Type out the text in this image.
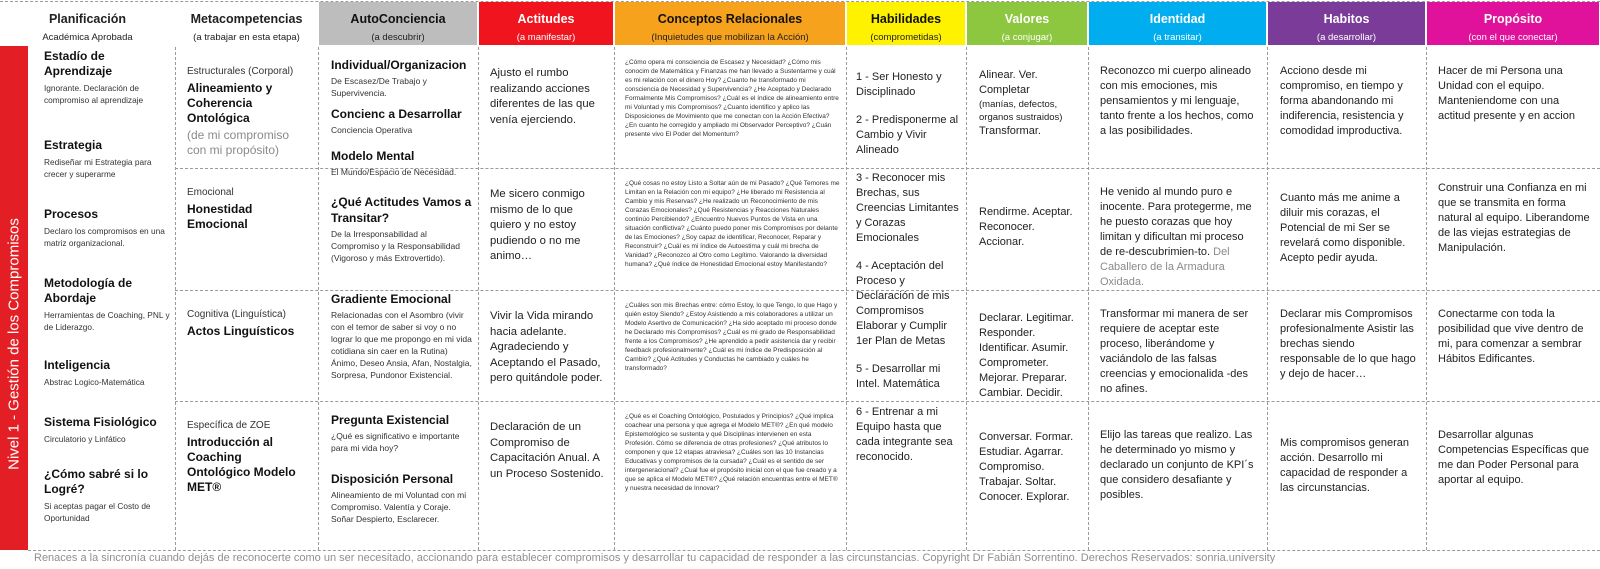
Planificación
Académica Aprobada
Metacompetencias
(a trabajar en esta etapa)
AutoConciencia
(a descubrir)
Actitudes
(a manifestar)
Conceptos Relacionales
(Inquietudes que mobilizan la Acción)
Habilidades
(comprometidas)
Valores
(a conjugar)
Identidad
(a transitar)
Habitos
(a desarrollar)
Propósito
(con el que conectar)
Estadío de Aprendizaje
Ignorante. Declaración de compromiso al aprendizaje
Estrategia
Rediseñar mi Estrategia para crecer y superarme
Procesos
Declaro los compromisos en una matriz organizacional.
Metodología de Abordaje
Herramientas de Coaching, PNL y de Liderazgo.
Inteligencia
Abstrac Logico-Matemática
Sistema Fisiológico
Circulatorio y Linfático
¿Cómo sabré si lo Logré?
Si aceptas pagar el Costo de Oportunidad
Estructurales (Corporal)
Alineamiento y Coherencia Ontológica
(de mi compromiso con mi propósito)
Emocional
Honestidad Emocional
Cognitiva (Linguística)
Actos Linguísticos
Específica de ZOE
Introducción al Coaching Ontológico Modelo MET®
Individual/Organizacion
De Escasez/De Trabajo y Supervivencia.
Concienc a Desarrollar
Conciencia Operativa
Modelo Mental
El Mundo/Espacio de Necesidad.
¿Qué Actitudes Vamos a Transitar?
De la Irresponsabilidad al Compromiso y la Responsabilidad (Vigoroso y más Extrovertido).
Gradiente Emocional
Relacionadas con el Asombro (vivir con el temor de saber si voy o no lograr lo que me propongo en mi vida cotidiana sin caer en la Rutina) Ánimo, Deseo Ansia, Afan, Nostalgia, Sorpresa, Pundonor Existencial.
Pregunta Existencial
¿Qué es significativo e importante para mi vida hoy?
Disposición Personal
Alineamiento de mi Voluntad con mi Compromiso. Valentía y Coraje. Soñar Despierto, Esclarecer.
Ajusto el rumbo realizando acciones diferentes de las que venía ejerciendo.
Me sicero conmigo mismo de lo que quiero y no estoy pudiendo o no me animo…
Vivir la Vida mirando hacia adelante. Agradeciendo y Aceptando el Pasado, pero quitándole poder.
Declaración de un Compromiso de Capacitación Anual. A un Proceso Sostenido.
¿Cómo opera mi consciencia de Escasez y Necesidad? ¿Cómo mis conocim de Matemática y Finanzas me han llevado a Sustentarme y cuál es mi relación con el dinero Hoy? ¿Cuanto he transformado mi consciencia de Necesidad y Supervivencia? ¿He Aceptado y Declarado Formalmente Mis Compromisos? ¿Cuál es el índice de alineamiento entre mi Voluntad y mis Compromisos? ¿Cuanto identifico y aplico las Disposiciones de Movimiento que me conectan con la Acción Efectiva? ¿En cuanto he corregido y ampliado mi Observador Perceptivo? ¿Cuán presente vivo El Poder del Momentum?
¿Qué cosas no estoy Listo a Soltar aún de mi Pasado? ¿Qué Temores me Limitan en la Relación con mi equipo? ¿He liberado mi Resistencia al Cambio y mis Reservas? ¿He realizado un Reconocimiento de mis Corazas Emocionales? ¿Qué Resistencias y Reacciones Naturales continúo Percibiendo? ¿Encuentro Nuevos Puntos de Vista en una situación conflictiva? ¿Cuánto puedo poner mis Compromisos por delante de las Emociones? ¿Soy capaz de identificar, Reconocer, Reparar y Reconstruir? ¿Cuál es mi índice de Autoestima y cuál mi brecha de Vanidad? ¿Reconozco al Otro como Legítimo. Valorando la diversidad humana? ¿Qué índice de Honestidad Emocional estoy Manifestando?
¿Cuáles son mis Brechas entre: cómo Estoy, lo que Tengo, lo que Hago y quién estoy Siendo? ¿Estoy Asistiendo a mis colaboradores a utilizar un Modelo Asertivo de Comunicación? ¿Ha sido aceptado mi proceso donde he Declarado mis Compromisos? ¿Cuál es mi grado de Responsabilidad frente a los Compromisos? ¿He aprendido a pedir asistencia dar y recibir feedback profesionalmente? ¿Cuál es mi índice de Predisposición al Cambio? ¿Qué Actitudes y Conductas he cambiado y cuáles he transformado?
¿Qué es el Coaching Ontológico, Postulados y Principios? ¿Qué implica coachear una persona y que agrega el Modelo MET®? ¿En qué modelo Epistemológico se sustenta y qué Disciplinas intervienen en esta Profesión. Cómo se diferencia de otras profesiones? ¿Qué atributos lo componen y que 12 etapas atraviesa? ¿Cuáles son las 10 Instancias Educativas y compromisos de la cursada? ¿Cuál es el sentido de ser intergeneracional? ¿Cual fue el propósito inicial con el que fue creado y a que se aplica el Modelo MET®? ¿Qué relación encuentras entre el MET® y nuestra necesidad de Innovar?
1 - Ser Honesto y Disciplinado
2 - Predisponerme al Cambio y Vivir Alineado
3 - Reconocer mis Brechas, sus Creencias Limitantes y Corazas Emocionales
4 - Aceptación del Proceso y Declaración de mis Compromisos Elaborar y Cumplir 1er Plan de Metas
5 - Desarrollar mi Intel. Matemática
6 - Entrenar a mi Equipo hasta que cada integrante sea reconocido.
Alinear. Ver. Completar
(manías, defectos, organos sustraidos)
Transformar.
Rendirme. Aceptar. Reconocer. Accionar.
Declarar. Legitimar. Responder. Identificar. Asumir. Comprometer. Mejorar. Preparar. Cambiar. Decidir.
Conversar. Formar. Estudiar. Agarrar. Compromiso. Trabajar. Soltar. Conocer. Explorar.
Reconozco mi cuerpo alineado con mis emociones, mis pensamientos y mi lenguaje, tanto frente a los hechos, como a las posibilidades.
He venido al mundo puro e inocente. Para protegerme, me he puesto corazas que hoy limitan y dificultan mi proceso de re-descubrimien-to. Del Caballero de la Armadura Oxidada.
Transformar mi manera de ser requiere de aceptar este proceso, liberándome y vaciándolo de las falsas creencias y emocionalida -des no afines.
Elijo las tareas que realizo. Las he determinado yo mismo y declarado un conjunto de KPI´s que considero desafiante y posibles.
Acciono desde mi compromiso, en tiempo y forma abandonando mi indiferencia, resistencia y comodidad improductiva.
Cuanto más me anime a diluir mis corazas, el Potencial de mi Ser se revelará como disponible. Acepto pedir ayuda.
Declarar mis Compromisos profesionalmente Asistir las brechas siendo responsable de lo que hago y dejo de hacer…
Mis compromisos generan acción. Desarrollo mi capacidad de responder a las circunstancias.
Hacer de mi Persona una Unidad con el equipo. Manteniendome con una actitud presente y en accion
Construir una Confianza en mi que se transmita en forma natural al equipo. Liberandome de las viejas estrategias de Manipulación.
Conectarme con toda la posibilidad que vive dentro de mi, para comenzar a sembrar Hábitos Edificantes.
Desarrollar algunas Competencias Específicas que me dan Poder Personal para aportar al equipo.
Nivel 1 - Gestión de los Compromisos
Renaces a la sincronía cuando dejás de reconocerte como un ser necesitado, accionando para establecer compromisos y desarrollar tu capacidad de responder a las circunstancias. Copyright Dr Fabián Sorrentino. Derechos Reservados: sonria.university
